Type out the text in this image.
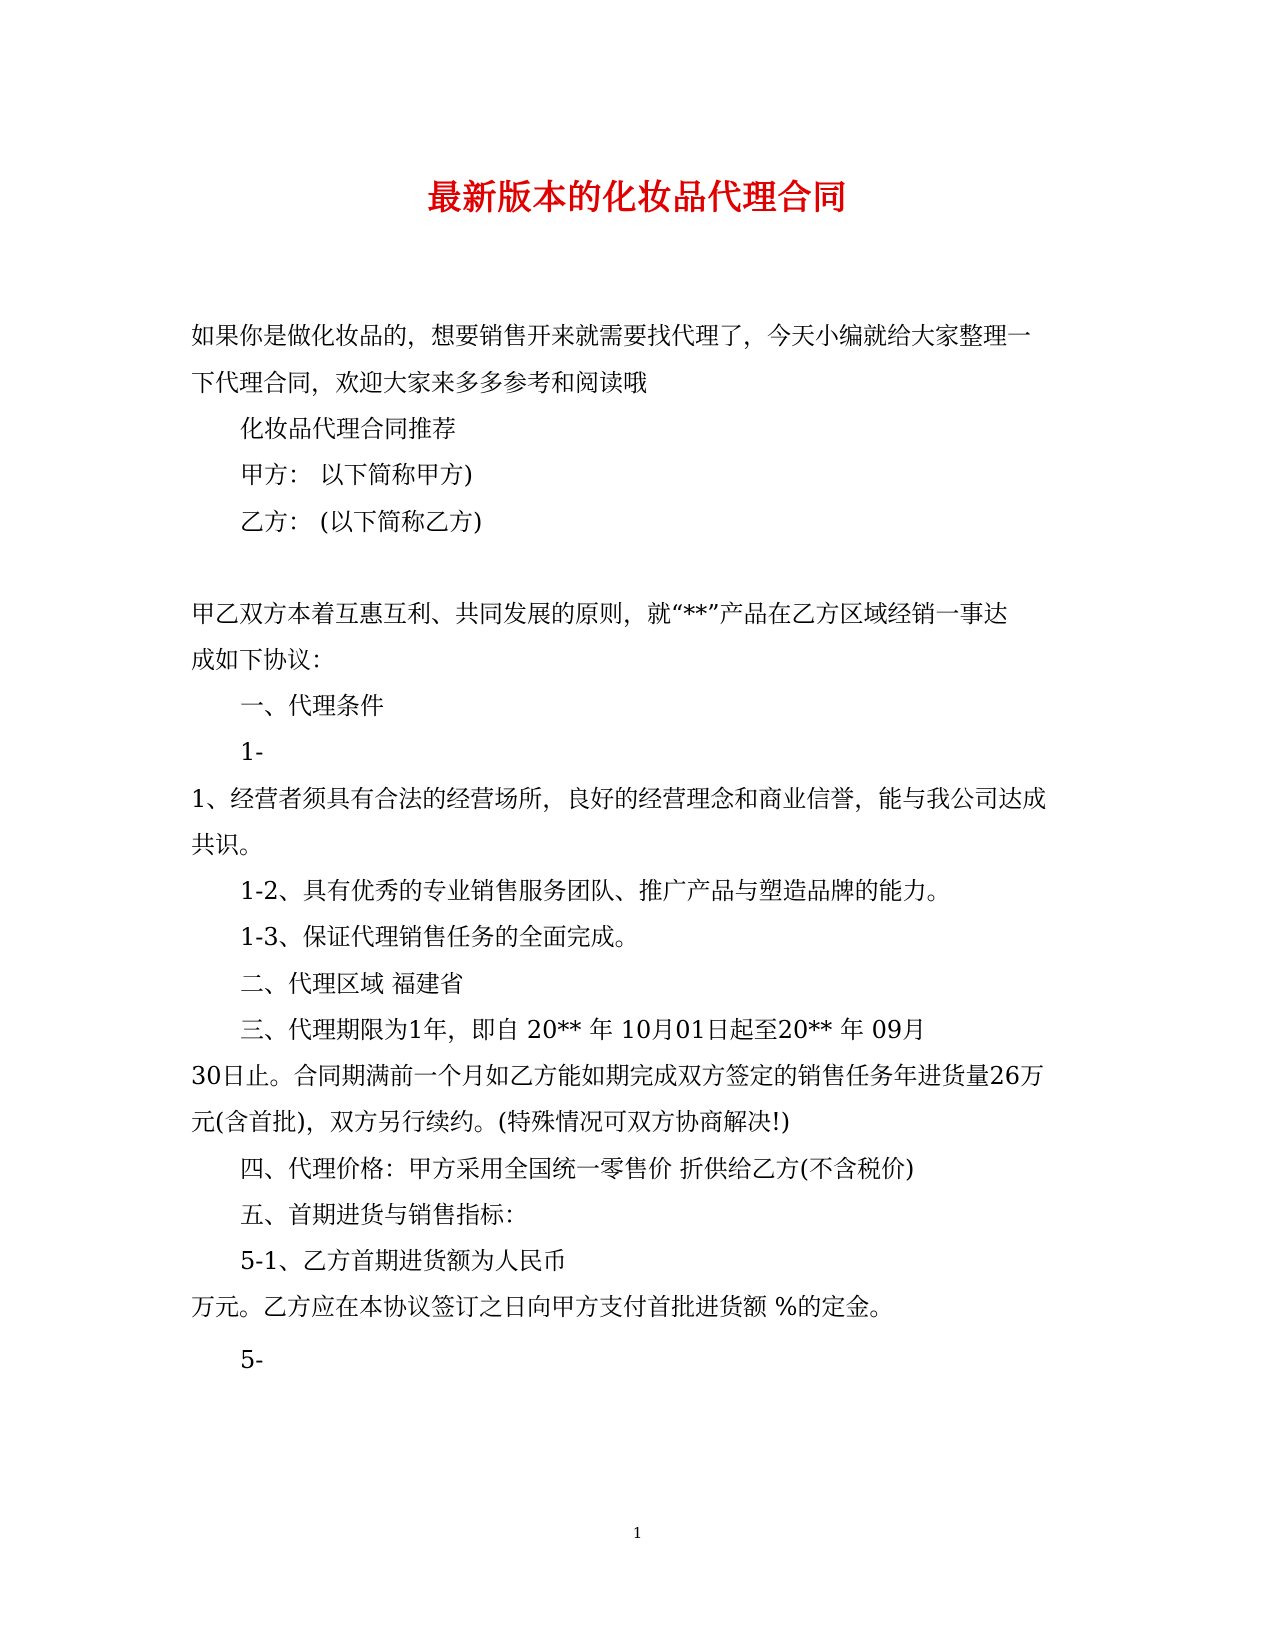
最新版本的化妆品代理合同
如果你是做化妆品的，想要销售开来就需要找代理了，今天小编就给大家整理一
下代理合同，欢迎大家来多多参考和阅读哦
化妆品代理合同推荐
甲方： 以下简称甲方)
乙方： (以下简称乙方)
甲乙双方本着互惠互利、共同发展的原则，就“**”产品在乙方区域经销一事达
成如下协议：
一、代理条件
1-
1、经营者须具有合法的经营场所，良好的经营理念和商业信誉，能与我公司达成
共识。
1-2、具有优秀的专业销售服务团队、推广产品与塑造品牌的能力。
1-3、保证代理销售任务的全面完成。
二、代理区域 福建省
三、代理期限为1年，即自 20** 年 10月01日起至20** 年 09月
30日止。合同期满前一个月如乙方能如期完成双方签定的销售任务年进货量26万
元(含首批)，双方另行续约。(特殊情况可双方协商解决!)
四、代理价格：甲方采用全国统一零售价 折供给乙方(不含税价)
五、首期进货与销售指标：
5-1、乙方首期进货额为人民币
万元。乙方应在本协议签订之日向甲方支付首批进货额 %的定金。
5-
1
